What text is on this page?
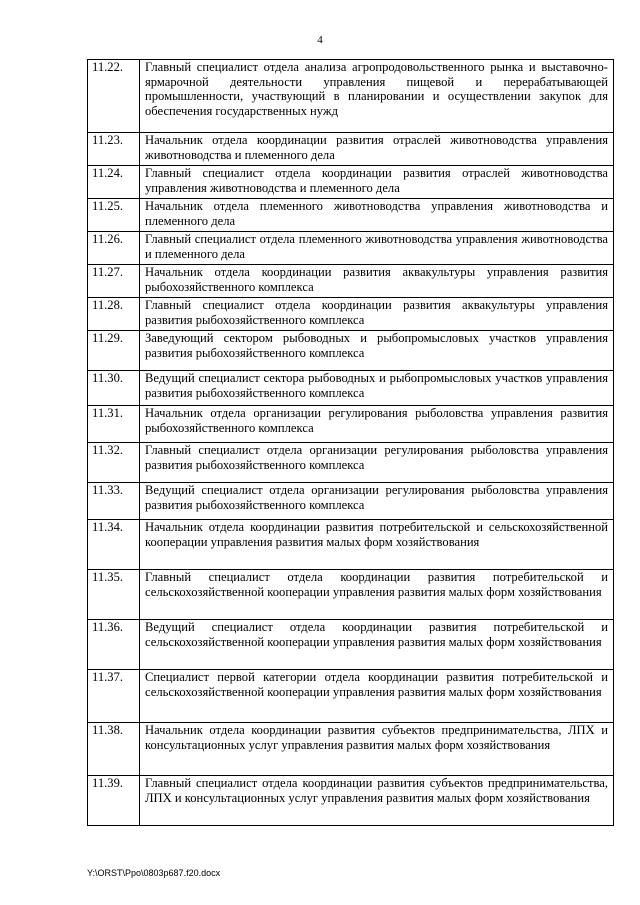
4
11.22.	Главный специалист отдела анализа агропродовольственного рынка и выставочно-ярмарочной деятельности управления пищевой и перерабатывающей промышленности, участвующий в планировании и осуществлении закупок для обеспечения государственных нужд
11.23.	Начальник отдела координации развития отраслей животноводства управления животноводства и племенного дела
11.24.	Главный специалист отдела координации развития отраслей животноводства управления животноводства и племенного дела
11.25.	Начальник отдела племенного животноводства управления животноводства и племенного дела
11.26.	Главный специалист отдела племенного животноводства управления животноводства и племенного дела
11.27.	Начальник отдела координации развития аквакультуры управления развития рыбохозяйственного комплекса
11.28.	Главный специалист отдела координации развития аквакультуры управления развития рыбохозяйственного комплекса
11.29.	Заведующий сектором рыбоводных и рыбопромысловых участков управления развития рыбохозяйственного комплекса
11.30.	Ведущий специалист сектора рыбоводных и рыбопромысловых участков управления развития рыбохозяйственного комплекса
11.31.	Начальник отдела организации регулирования рыболовства управления развития рыбохозяйственного комплекса
11.32.	Главный специалист отдела организации регулирования рыболовства управления развития рыбохозяйственного комплекса
11.33.	Ведущий специалист отдела организации регулирования рыболовства управления развития рыбохозяйственного комплекса
11.34.	Начальник отдела координации развития потребительской и сельскохозяйственной кооперации управления развития малых форм хозяйствования
11.35.	Главный специалист отдела координации развития потребительской и сельскохозяйственной кооперации управления развития малых форм хозяйствования
11.36.	Ведущий специалист отдела координации развития потребительской и сельскохозяйственной кооперации управления развития малых форм хозяйствования
11.37.	Специалист первой категории отдела координации развития потребительской и сельскохозяйственной кооперации управления развития малых форм хозяйствования
11.38.	Начальник отдела координации развития субъектов предпринимательства, ЛПХ и консультационных услуг управления развития малых форм хозяйствования
11.39.	Главный специалист отдела координации развития субъектов предпринимательства, ЛПХ и консультационных услуг управления развития малых форм хозяйствования
Y:\ORST\Ppo\0803p687.f20.docx
